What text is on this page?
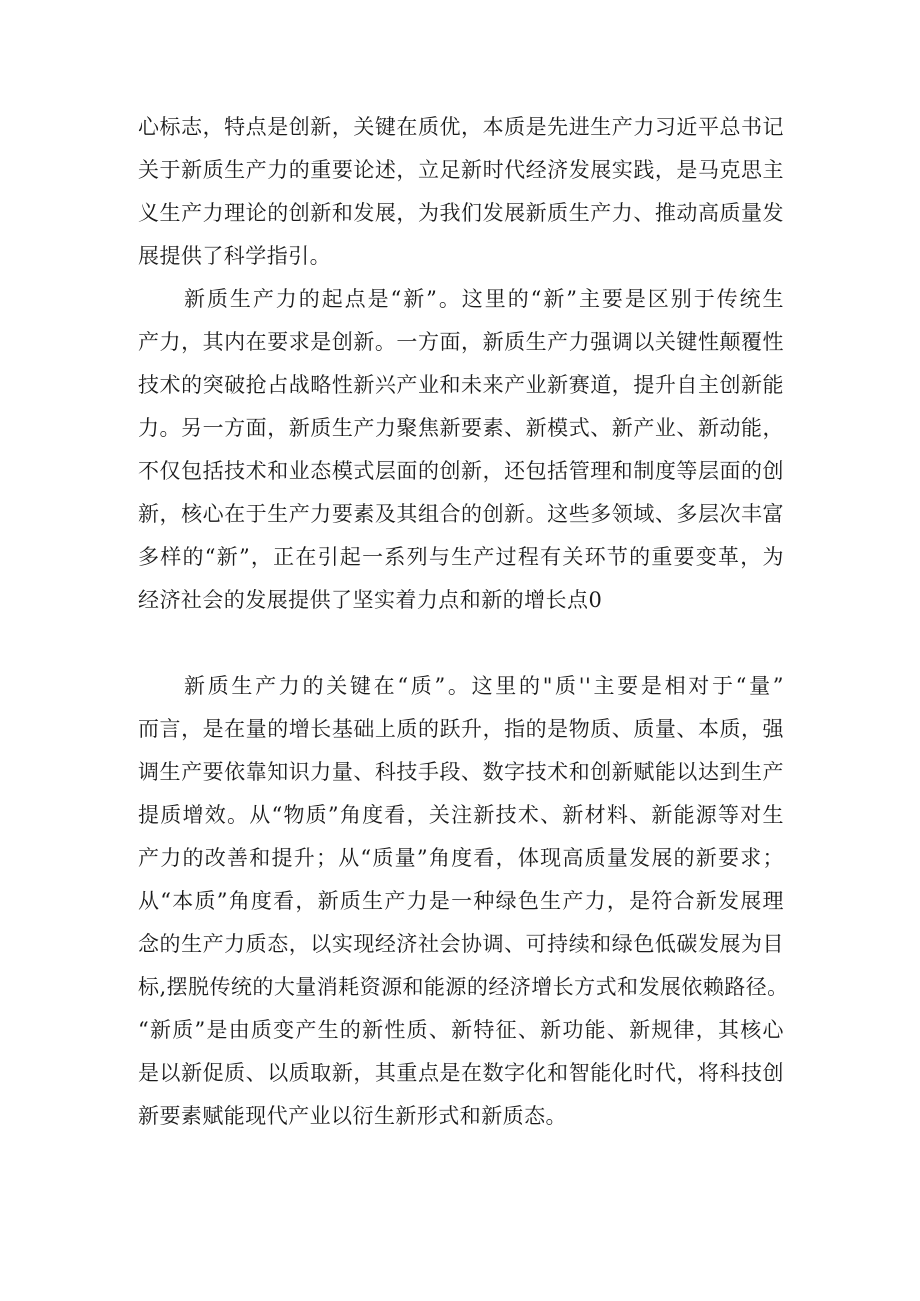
心标志，特点是创新，关键在质优，本质是先进生产力习近平总书记
关于新质生产力的重要论述，立足新时代经济发展实践，是马克思主
义生产力理论的创新和发展，为我们发展新质生产力、推动高质量发
展提供了科学指引。
新质生产力的起点是“新”。这里的“新”主要是区别于传统生
产力，其内在要求是创新。一方面，新质生产力强调以关键性颠覆性
技术的突破抢占战略性新兴产业和未来产业新赛道，提升自主创新能
力。另一方面，新质生产力聚焦新要素、新模式、新产业、新动能，
不仅包括技术和业态模式层面的创新，还包括管理和制度等层面的创
新，核心在于生产力要素及其组合的创新。这些多领域、多层次丰富
多样的“新”，正在引起一系列与生产过程有关环节的重要变革，为
经济社会的发展提供了坚实着力点和新的增长点0
新质生产力的关键在“质”。这里的"质''主要是相对于“量”
而言，是在量的增长基础上质的跃升，指的是物质、质量、本质，强
调生产要依靠知识力量、科技手段、数字技术和创新赋能以达到生产
提质增效。从“物质”角度看，关注新技术、新材料、新能源等对生
产力的改善和提升；从“质量”角度看，体现高质量发展的新要求；
从“本质”角度看，新质生产力是一种绿色生产力，是符合新发展理
念的生产力质态，以实现经济社会协调、可持续和绿色低碳发展为目
标,摆脱传统的大量消耗资源和能源的经济增长方式和发展依赖路径。
“新质”是由质变产生的新性质、新特征、新功能、新规律，其核心
是以新促质、以质取新，其重点是在数字化和智能化时代，将科技创
新要素赋能现代产业以衍生新形式和新质态。
